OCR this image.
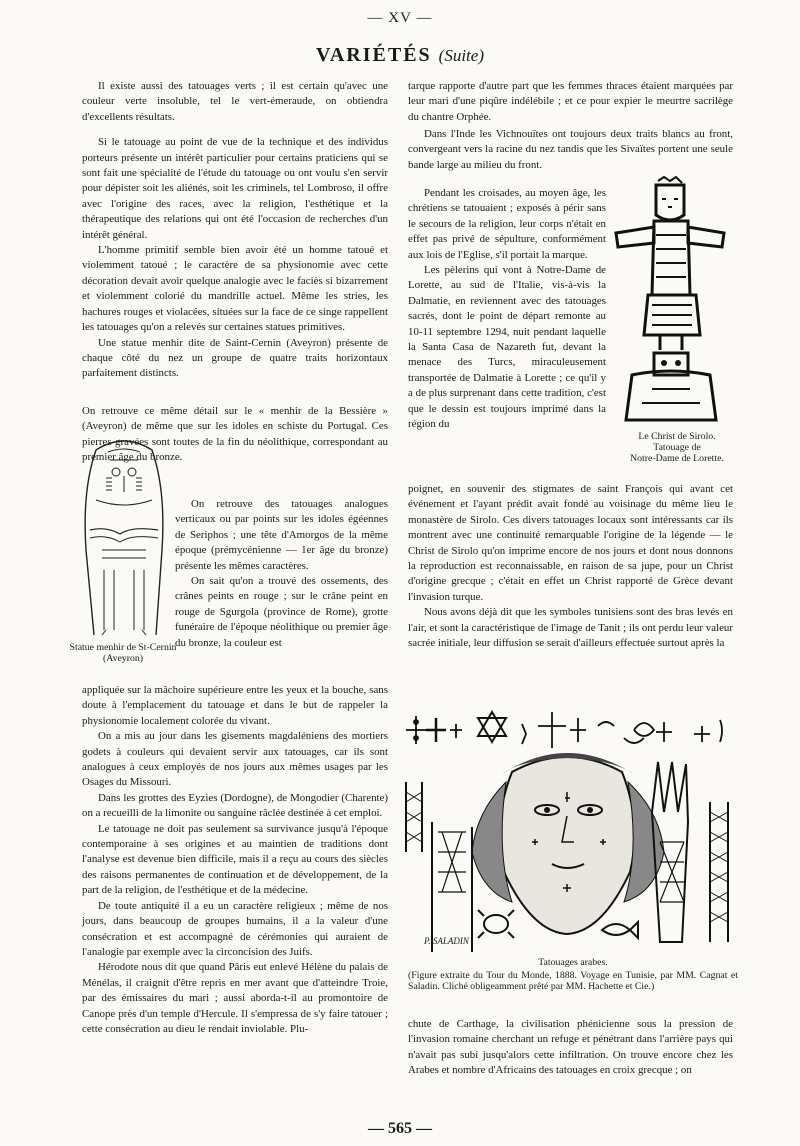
— XV —
VARIÉTÉS (Suite)

Il existe aussi des tatouages verts ; il est certain qu'avec une couleur verte insoluble, tel le vert-émeraude, on obtiendra d'excellents résultats.

Si le tatouage au point de vue de la technique et des individus porteurs présente un intérêt particulier pour certains praticiens qui se sont fait une spécialité de l'étude du tatouage ou ont voulu s'en servir pour dépister soit les aliénés, soit les criminels, tel Lombroso, il offre avec l'origine des races, avec la religion, l'esthétique et la thérapeutique des relations qui ont été l'occasion de recherches d'un intérêt général.

L'homme primitif semble bien avoir été un homme tatoué et violemment tatoué ; le caractère de sa physionomie avec cette décoration devait avoir quelque analogie avec le faciès si bizarrement et violemment colorié du mandrille actuel. Même les stries, les hachures rouges et violacées, situées sur la face de ce singe rappellent les tatouages qu'on a relevés sur certaines statues primitives.

Une statue menhir dite de Saint-Cernin (Aveyron) présente de chaque côté du nez un groupe de quatre traits horizontaux parfaitement distincts.

On retrouve ce même détail sur le « menhir de la Bessière » (Aveyron) de même que sur les idoles en schiste du Portugal. Ces pierres gravées sont toutes de la fin du néolithique, correspondant au premier âge du bronze.

On retrouve des tatouages analogues verticaux ou par points sur les idoles égéennes de Seriphos ; une tête d'Amorgos de la même époque (prémycénienne — 1er âge du bronze) présente les mêmes caractères.

On sait qu'on a trouvé des ossements, des crânes peints en rouge ; sur le crâne peint en rouge de Sgurgola (province de Rome), grotte funéraire de l'époque néolithique ou premier âge du bronze, la couleur est

Statue menhir de St-Cernin (Aveyron)

appliquée sur la mâchoire supérieure entre les yeux et la bouche, sans doute à l'emplacement du tatouage et dans le but de rappeler la physionomie localement colorée du vivant.

On a mis au jour dans les gisements magdaléniens des mortiers godets à couleurs qui devaient servir aux tatouages, car ils sont analogues à ceux employés de nos jours aux mêmes usages par les Osages du Missouri.

Dans les grottes des Eyzies (Dordogne), de Mongodier (Charente) on a recueilli de la limonite ou sanguine râclée destinée à cet emploi.

Le tatouage ne doit pas seulement sa survivance jusqu'à l'époque contemporaine à ses origines et au maintien de traditions dont l'analyse est devenue bien difficile, mais il a reçu au cours des siècles des raisons permanentes de continuation et de développement, de la part de la religion, de l'esthétique et de la médecine.

De toute antiquité il a eu un caractère religieux ; même de nos jours, dans beaucoup de groupes humains, il a la valeur d'une consécration et est accompagné de cérémonies qui auraient de l'analogie par exemple avec la circoncision des Juifs.

Hérodote nous dit que quand Pâris eut enlevé Hélène du palais de Ménélas, il craignit d'être repris en mer avant que d'atteindre Troie, par des émissaires du mari ; aussi aborda-t-il au promontoire de Canope près d'un temple d'Hercule. Il s'empressa de s'y faire tatouer ; cette consécration au dieu le rendait inviolable. Plu-

tarque rapporte d'autre part que les femmes thraces étaient marquées par leur mari d'une piqûre indélébile ; et ce pour expier le meurtre sacrilège du chantre Orphée.

Dans l'Inde les Vichnouïtes ont toujours deux traits blancs au front, convergeant vers la racine du nez tandis que les Sivaïtes portent une seule bande large au milieu du front.

Pendant les croisades, au moyen âge, les chrétiens se tatouaient ; exposés à périr sans le secours de la religion, leur corps n'était en effet pas privé de sépulture, conformément aux lois de l'Eglise, s'il portait la marque.

Les pèlerins qui vont à Notre-Dame de Lorette, au sud de l'Italie, vis-à-vis la Dalmatie, en reviennent avec des tatouages sacrés, dont le point de départ remonte au 10-11 septembre 1294, nuit pendant laquelle la Santa Casa de Nazareth fut, devant la menace des Turcs, miraculeusement transportée de Dalmatie à Lorette ; ce qu'il y a de plus surprenant dans cette tradition, c'est que le dessin est toujours imprimé dans la région du

Le Christ de Sirolo.
Tatouage de
Notre-Dame de Lorette.

poignet, en souvenir des stigmates de saint François qui avant cet événement et l'ayant prédit avait fondé au voisinage du même lieu le monastère de Sirolo. Ces divers tatouages locaux sont intéressants car ils montrent avec une continuité remarquable l'origine de la légende — le Christ de Sirolo qu'on imprime encore de nos jours et dont nous donnons la reproduction est reconnaissable, en raison de sa jupe, pour un Christ d'origine grecque ; c'était en effet un Christ rapporté de Grèce devant l'invasion turque.

Nous avons déjà dit que les symboles tunisiens sont des bras levés en l'air, et sont la caractéristique de l'image de Tanit ; ils ont perdu leur valeur sacrée initiale, leur diffusion se serait d'ailleurs effectuée surtout après la

P. SALADIN
Tatouages arabes.
(Figure extraite du Tour du Monde, 1888. Voyage en Tunisie, par MM. Cagnat et Saladin. Cliché obligeamment prêté par MM. Hachette et Cie.)

chute de Carthage, la civilisation phénicienne sous la pression de l'invasion romaine cherchant un refuge et pénétrant dans l'arrière pays qui n'avait pas subi jusqu'alors cette infiltration. On trouve encore chez les Arabes et nombre d'Africains des tatouages en croix grecque ; on

— 565 —
